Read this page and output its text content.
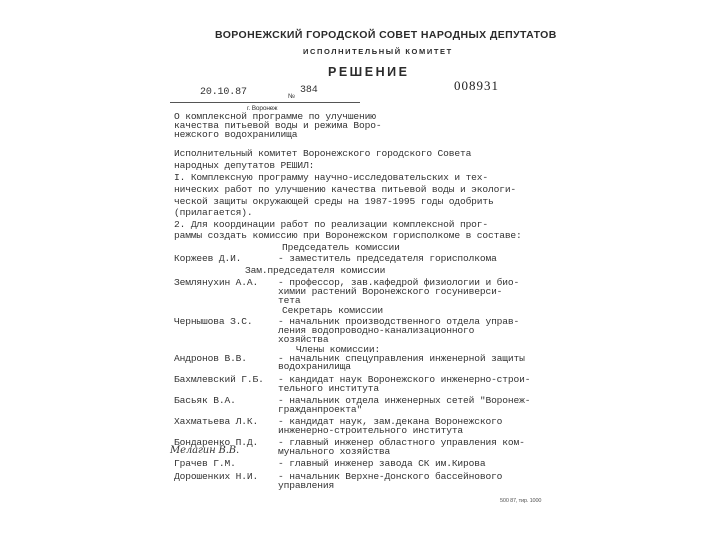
ВОРОНЕЖСКИЙ ГОРОДСКОЙ СОВЕТ НАРОДНЫХ ДЕПУТАТОВ
ИСПОЛНИТЕЛЬНЫЙ КОМИТЕТ
РЕШЕНИЕ
008931
20.10.87	№
384
г. Воронеж
О комплексной программе по улучшению
качества питьевой воды и режима Воро-
нежского водохранилища
Исполнительный комитет Воронежского городского Совета
народных депутатов РЕШИЛ:
I. Комплексную программу научно-исследовательских и тех-
нических работ по улучшению качества питьевой воды и экологи-
ческой защиты окружающей среды на 1987-1995 годы одобрить
(прилагается).
2. Для координации работ по реализации комплексной прог-
раммы создать комиссию при Воронежском горисполкоме в составе:
Председатель комиссии
Коржеев Д.И.	- заместитель председателя горисполкома
Зам.председателя комиссии
Землянухин А.А. - профессор, зав.кафедрой физиологии и био-
химии растений Воронежского госуниверси-
тета
Секретарь комиссии
Чернышова З.С.	- начальник производственного отдела управ-
ления водопроводно-канализационного
хозяйства
Члены комиссии:
Андронов В.В.	- начальник спецуправления инженерной защиты
водохранилища
Бахмлевский Г.Б. - кандидат наук Воронежского инженерно-строи-
тельного института
Басьяк В.А.	- начальник отдела инженерных сетей "Воронеж-
гражданпроекта"
Хахматьева Л.К. - кандидат наук, зам.декана Воронежского
инженерно-строительного института
Бондаренко П.Д. - главный инженер областного управления ком-
мунального хозяйства
Мелагин В.В.
Грачев Г.М.	- главный инженер завода СК им.Кирова
Дорошенких Н.И. - начальник Верхне-Донского бассейнового
управления
500 87, тир. 1000
